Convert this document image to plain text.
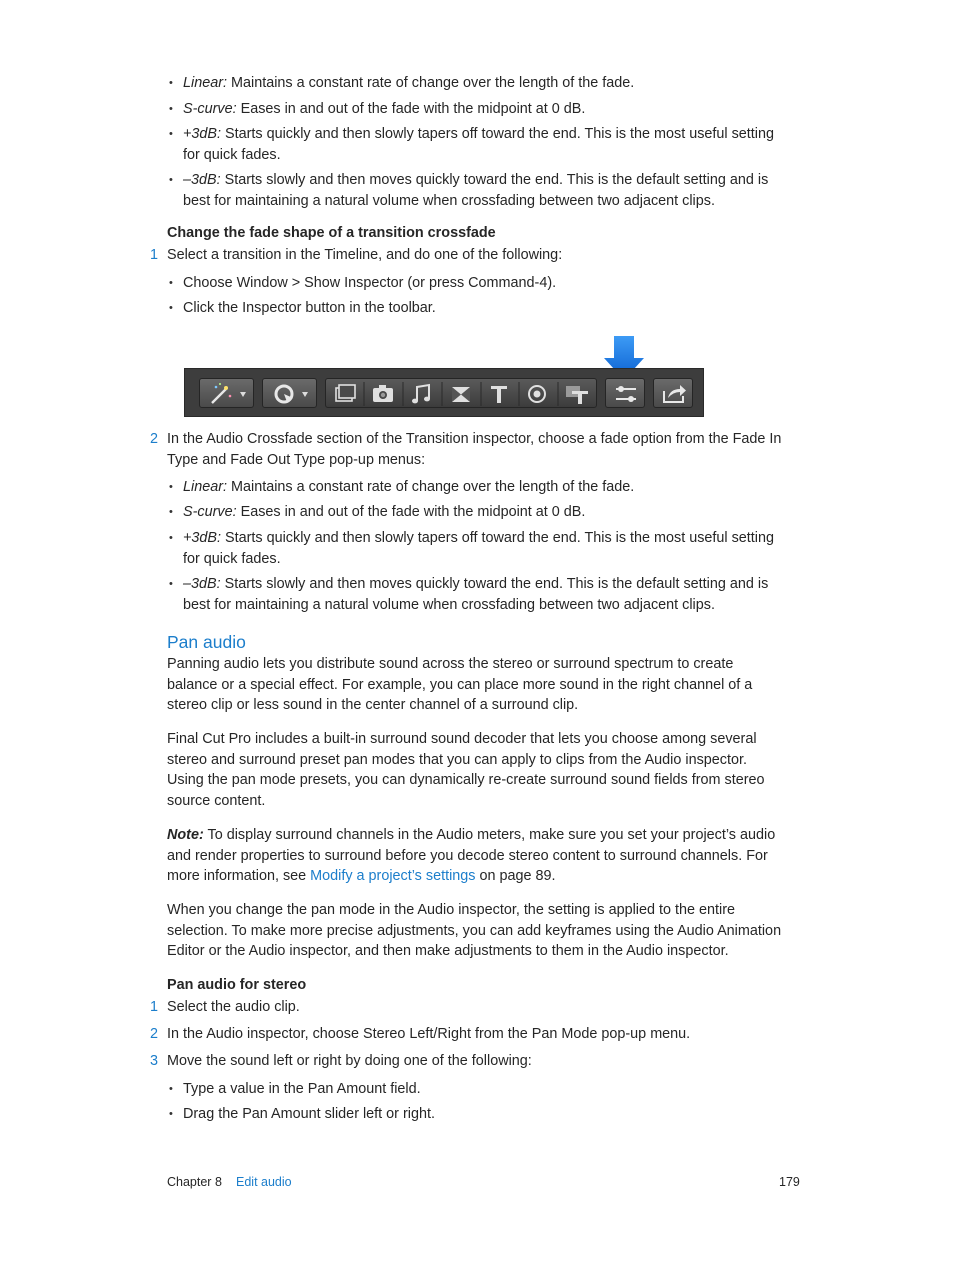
• Linear: Maintains a constant rate of change over the length of the fade.
• S-curve: Eases in and out of the fade with the midpoint at 0 dB.
• +3dB: Starts quickly and then slowly tapers off toward the end. This is the most useful setting
for quick fades.
• –3dB: Starts slowly and then moves quickly toward the end. This is the default setting and is
best for maintaining a natural volume when crossfading between two adjacent clips.
Change the fade shape of a transition crossfade
1 Select a transition in the Timeline, and do one of the following:
• Choose Window > Show Inspector (or press Command-4).
• Click the Inspector button in the toolbar.
2 In the Audio Crossfade section of the Transition inspector, choose a fade option from the Fade In
Type and Fade Out Type pop-up menus:
• Linear: Maintains a constant rate of change over the length of the fade.
• S-curve: Eases in and out of the fade with the midpoint at 0 dB.
• +3dB: Starts quickly and then slowly tapers off toward the end. This is the most useful setting
for quick fades.
• –3dB: Starts slowly and then moves quickly toward the end. This is the default setting and is
best for maintaining a natural volume when crossfading between two adjacent clips.
Pan audio
Panning audio lets you distribute sound across the stereo or surround spectrum to create
balance or a special effect. For example, you can place more sound in the right channel of a
stereo clip or less sound in the center channel of a surround clip.
Final Cut Pro includes a built-in surround sound decoder that lets you choose among several
stereo and surround preset pan modes that you can apply to clips from the Audio inspector.
Using the pan mode presets, you can dynamically re-create surround sound fields from stereo
source content.
Note: To display surround channels in the Audio meters, make sure you set your project’s audio
and render properties to surround before you decode stereo content to surround channels. For
more information, see Modify a project’s settings on page 89.
When you change the pan mode in the Audio inspector, the setting is applied to the entire
selection. To make more precise adjustments, you can add keyframes using the Audio Animation
Editor or the Audio inspector, and then make adjustments to them in the Audio inspector.
Pan audio for stereo
1 Select the audio clip.
2 In the Audio inspector, choose Stereo Left/Right from the Pan Mode pop-up menu.
3 Move the sound left or right by doing one of the following:
• Type a value in the Pan Amount field.
• Drag the Pan Amount slider left or right.
Chapter 8 Edit audio	179
